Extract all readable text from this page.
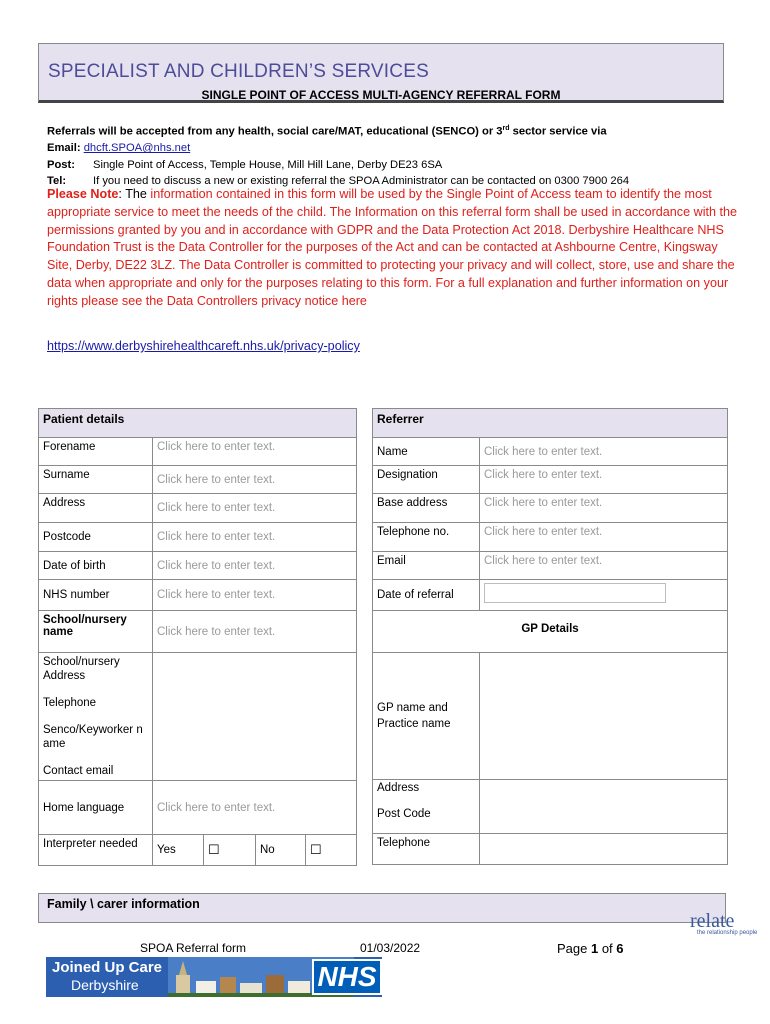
SPECIALIST AND CHILDREN’S SERVICES
SINGLE POINT OF ACCESS MULTI-AGENCY REFERRAL FORM
Referrals will be accepted from any health, social care/MAT, educational (SENCO) or 3rd sector service via
Email: dhcft.SPOA@nhs.net
Post: Single Point of Access, Temple House, Mill Hill Lane, Derby DE23 6SA
Tel: If you need to discuss a new or existing referral the SPOA Administrator can be contacted on 0300 7900 264
Please Note: The information contained in this form will be used by the Single Point of Access team to identify the most appropriate service to meet the needs of the child. The Information on this referral form shall be used in accordance with the permissions granted by you and in accordance with GDPR and the Data Protection Act 2018. Derbyshire Healthcare NHS Foundation Trust is the Data Controller for the purposes of the Act and can be contacted at Ashbourne Centre, Kingsway Site, Derby, DE22 3LZ. The Data Controller is committed to protecting your privacy and will collect, store, use and share the data when appropriate and only for the purposes relating to this form. For a full explanation and further information on your rights please see the Data Controllers privacy notice here
https://www.derbyshirehealthcareft.nhs.uk/privacy-policy
Patient details				
Forename	Click here to enter text.			
Surname	Click here to enter text.			
Address	Click here to enter text.			
Postcode	Click here to enter text.			
Date of birth	Click here to enter text.			
NHS number	Click here to enter text.			
School/nursery name	Click here to enter text.			

School/nursery Address
Telephone
Senco/Keyworker name
Contact email				

Home language	Click here to enter text.			
Interpreter needed	Yes	☐	No	☐
Referrer	
Name	Click here to enter text.
Designation	Click here to enter text.
Base address	Click here to enter text.
Telephone no.	Click here to enter text.
Email	Click here to enter text.
Date of referral	

GP Details	
GP name and Practice name	

Address
Post Code	

Telephone	
Family \ carer information
relate
the relationship people
SPOA Referral form	01/03/2022	Page 1 of 6
Joined Up Care
Derbyshire	NHS
